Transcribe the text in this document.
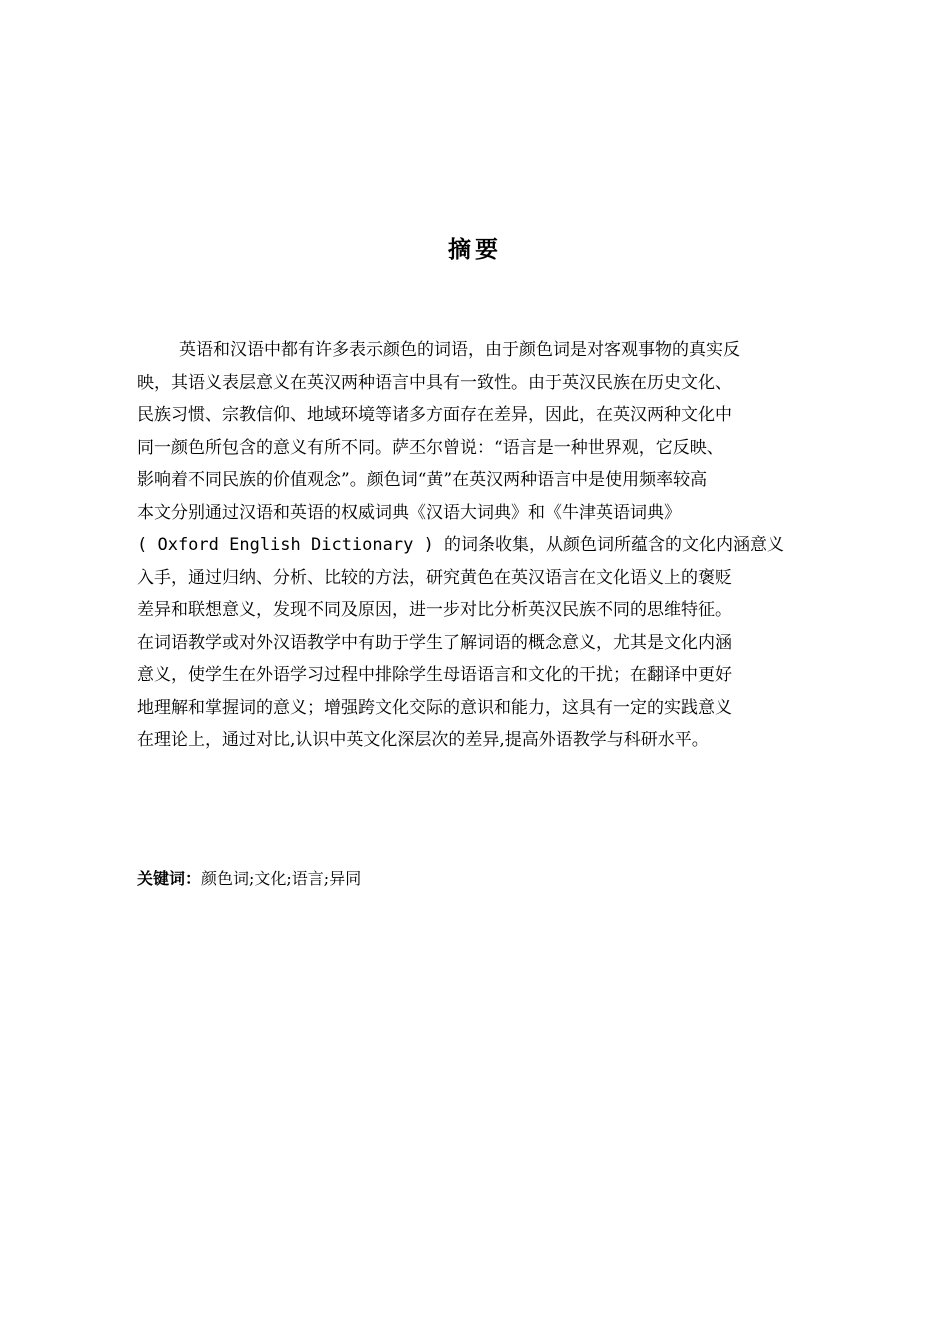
摘要
英语和汉语中都有许多表示颜色的词语，由于颜色词是对客观事物的真实反
映，其语义表层意义在英汉两种语言中具有一致性。由于英汉民族在历史文化、
民族习惯、宗教信仰、地域环境等诸多方面存在差异，因此，在英汉两种文化中
同一颜色所包含的意义有所不同。萨丕尔曾说：“语言是一种世界观，它反映、
影响着不同民族的价值观念”。颜色词“黄”在英汉两种语言中是使用频率较高
本文分别通过汉语和英语的权威词典《汉语大词典》和《牛津英语词典》
( Oxford English Dictionary ) 的词条收集，从颜色词所蕴含的文化内涵意义
入手，通过归纳、分析、比较的方法，研究黄色在英汉语言在文化语义上的褒贬
差异和联想意义，发现不同及原因，进一步对比分析英汉民族不同的思维特征。
在词语教学或对外汉语教学中有助于学生了解词语的概念意义，尤其是文化内涵
意义，使学生在外语学习过程中排除学生母语语言和文化的干扰；在翻译中更好
地理解和掌握词的意义；增强跨文化交际的意识和能力，这具有一定的实践意义
在理论上，通过对比,认识中英文化深层次的差异,提高外语教学与科研水平。
关键词：颜色词;文化;语言;异同
